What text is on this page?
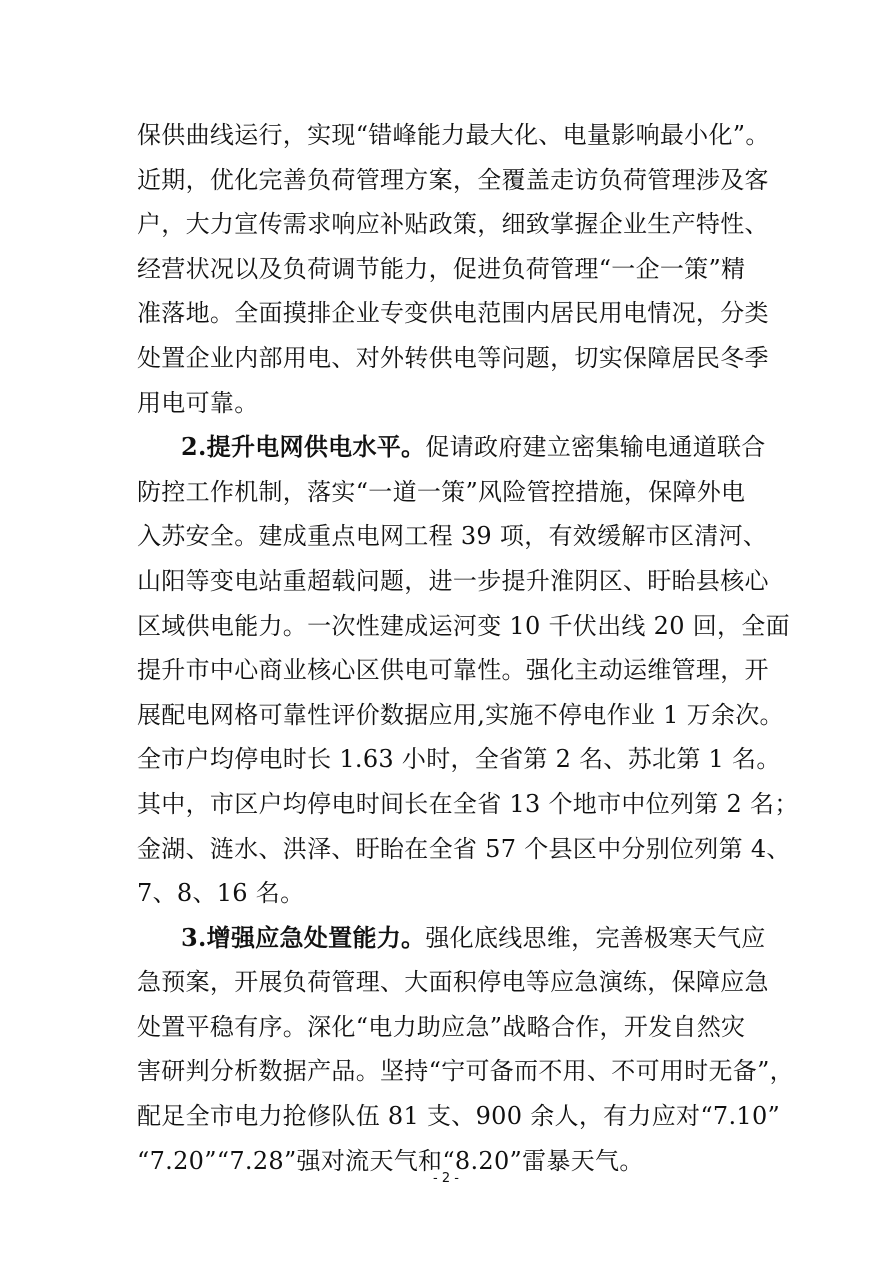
保供曲线运行，实现“错峰能力最大化、电量影响最小化”。
近期，优化完善负荷管理方案，全覆盖走访负荷管理涉及客
户，大力宣传需求响应补贴政策，细致掌握企业生产特性、
经营状况以及负荷调节能力，促进负荷管理“一企一策”精
准落地。全面摸排企业专变供电范围内居民用电情况，分类
处置企业内部用电、对外转供电等问题，切实保障居民冬季
用电可靠。
2.提升电网供电水平。促请政府建立密集输电通道联合
防控工作机制，落实“一道一策”风险管控措施，保障外电
入苏安全。建成重点电网工程 39 项，有效缓解市区清河、
山阳等变电站重超载问题，进一步提升淮阴区、盱眙县核心
区域供电能力。一次性建成运河变 10 千伏出线 20 回，全面
提升市中心商业核心区供电可靠性。强化主动运维管理，开
展配电网格可靠性评价数据应用,实施不停电作业 1 万余次。
全市户均停电时长 1.63 小时，全省第 2 名、苏北第 1 名。
其中，市区户均停电时间长在全省 13 个地市中位列第 2 名；
金湖、涟水、洪泽、盱眙在全省 57 个县区中分别位列第 4、
7、8、16 名。
3.增强应急处置能力。强化底线思维，完善极寒天气应
急预案，开展负荷管理、大面积停电等应急演练，保障应急
处置平稳有序。深化“电力助应急”战略合作，开发自然灾
害研判分析数据产品。坚持“宁可备而不用、不可用时无备”，
配足全市电力抢修队伍 81 支、900 余人，有力应对“7.10”
“7.20”“7.28”强对流天气和“8.20”雷暴天气。
- 2 -
